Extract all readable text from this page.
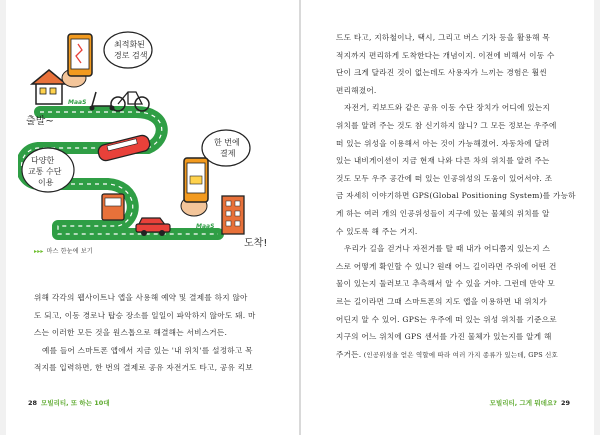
MaaS
출발~
최적화된
경로 검색
다양한
교통 수단
이용
한 번에
결제
MaaS
도착!
▸▸▸ 마스 한눈에 보기
위해 각각의 웹사이트나 앱을 사용해 예약 및 결제를 하지 않아
도 되고, 이동 경로나 탑승 장소를 일일이 파악하지 않아도 돼. 마
스는 이러한 모든 것을 원스톱으로 해결해는 서비스거든.
예를 들어 스마트폰 앱에서 지금 있는 '내 위치'를 설정하고 목
적지를 입력하면, 한 번의 결제로 공유 자전거도 타고, 공유 킥보
드도 타고, 지하철이나, 택시, 그리고 버스 기차 등을 활용해 목
적지까지 편리하게 도착한다는 개념이지. 이전에 비해서 이동 수
단이 크게 달라진 것이 없는데도 사용자가 느끼는 경험은 훨씬
편리해졌어.
자전거, 킥보드와 같은 공유 이동 수단 장치가 어디에 있는지
위치를 알려 주는 것도 참 신기하지 않니? 그 모든 정보는 우주에
떠 있는 위성을 이용해서 아는 것이 가능해졌어. 자동차에 달려
있는 내비게이션이 지금 현재 나와 다른 차의 위치를 알려 주는
것도 모두 우주 공간에 떠 있는 인공위성의 도움이 있어서야. 조
금 자세히 이야기하면 GPS(Global Positioning System)를 가능하
게 하는 여러 개의 인공위성들이 지구에 있는 물체의 위치를 알
수 있도록 해 주는 거지.
우리가 길을 걷거나 자전거를 탈 때 내가 어디쯤지 있는지 스
스로 어떻게 확인할 수 있니? 원래 어느 길이라면 주위에 어떤 건
물이 있는지 둘러보고 추측해서 알 수 있을 거야. 그런데 만약 모
르는 길이라면 그때 스마트폰의 지도 앱을 이용하면 내 위치가
어딘지 알 수 있어. GPS는 우주에 떠 있는 위성 위치를 기준으로
지구의 어느 위치에 GPS 센서를 가진 물체가 있는지를 알게 해
주거든. (인공위성을 얻은 역할에 따라 여러 가지 종류가 있는데, GPS 신호
28 모빌리티, 또 하는 10대	모빌리티, 그게 뭐데요? 29
